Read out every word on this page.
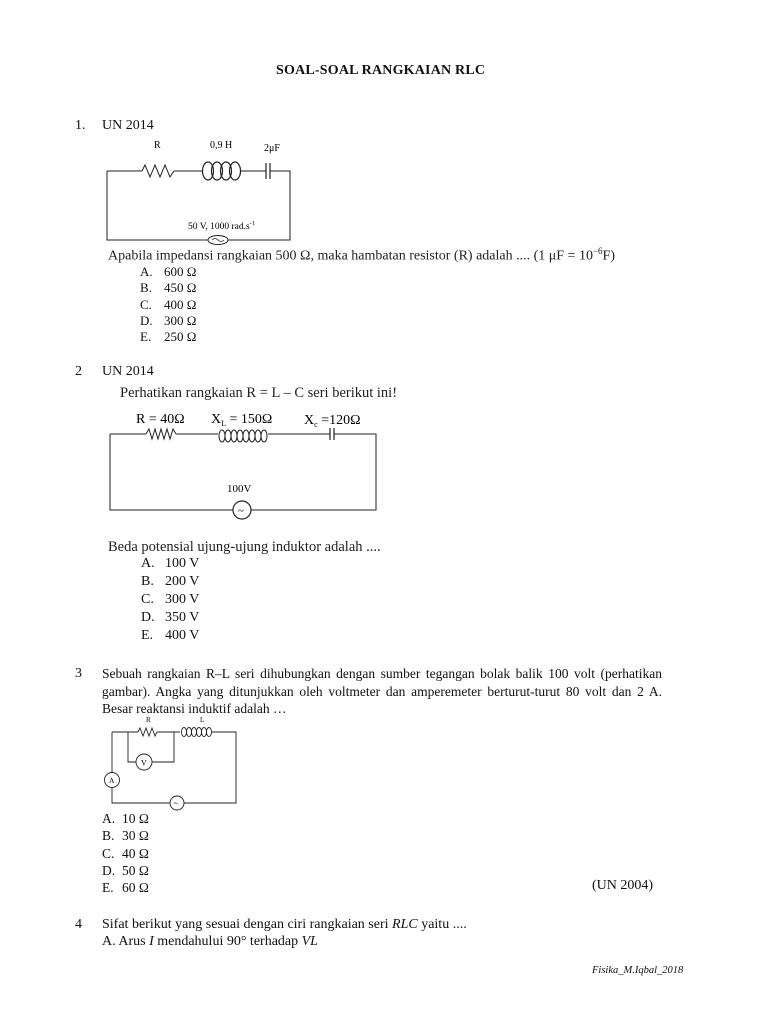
SOAL-SOAL RANGKAIAN RLC
1. UN 2014
R	0,9 H	2μF
50 V, 1000 $rad.s^{-1}$
Apabila impedansi rangkaian 500 Ω, maka hambatan resistor (R) adalah .... (1 $\mu F = 10^{-6}F$)
A. 600 Ω
B. 450 Ω
C. 400 Ω
D. 300 Ω
E. 250 Ω
2 UN 2014
Perhatikan rangkaian R = L – C seri berikut ini!
R = 40Ω $X_L = 150\Omega$ $X_c =120\Omega$
100V
~
Beda potensial ujung-ujung induktor adalah ....
A. 100 V
B. 200 V
C. 300 V
D. 350 V
E. 400 V
3 Sebuah rangkaian R–L seri dihubungkan dengan sumber tegangan bolak balik 100 volt (perhatikan gambar). Angka yang ditunjukkan oleh voltmeter dan amperemeter berturut-turut 80 volt dan 2 A. Besar reaktansi induktif adalah …
R	L
V
A
~
A. 10 Ω
B. 30 Ω
C. 40 Ω
D. 50 Ω
E. 60 Ω	(UN 2004)
4 Sifat berikut yang sesuai dengan ciri rangkaian seri RLC yaitu ....
A. Arus I mendahului 90° terhadap VL
Fisika_M.Iqbal_2018
